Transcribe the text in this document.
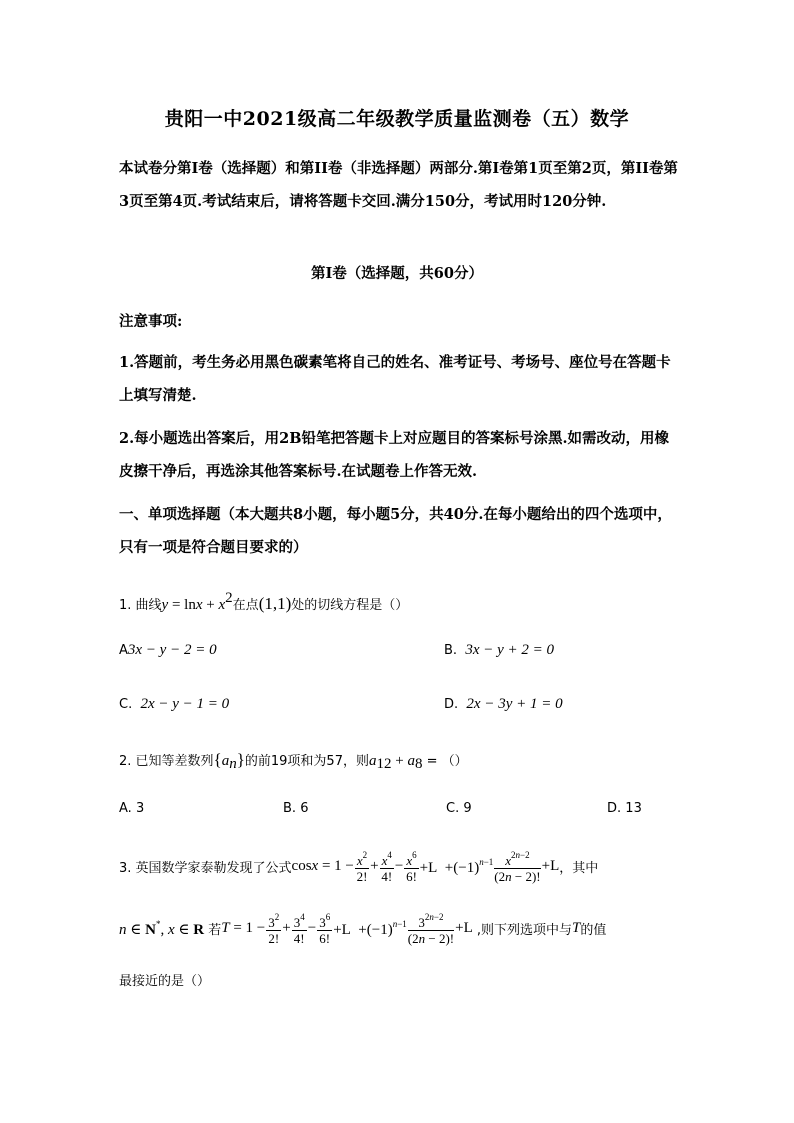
贵阳一中2021级高二年级教学质量监测卷（五）数学
本试卷分第I卷（选择题）和第II卷（非选择题）两部分.第I卷第1页至第2页，第II卷第3页至第4页.考试结束后，请将答题卡交回.满分150分，考试用时120分钟.
第I卷（选择题，共60分）
注意事项:
1.答题前，考生务必用黑色碳素笔将自己的姓名、准考证号、考场号、座位号在答题卡上填写清楚.
2.每小题选出答案后，用2B铅笔把答题卡上对应题目的答案标号涂黑.如需改动，用橡皮擦干净后，再选涂其他答案标号.在试题卷上作答无效.
一、单项选择题（本大题共8小题，每小题5分，共40分.在每小题给出的四个选项中，只有一项是符合题目要求的）
1. 曲线$y = \ln x + x^2$在点(1,1)处的切线方程是（）
A3x − y − 2 = 0	B. 3x − y + 2 = 0
C. 2x − y − 1 = 0	D. 2x − 3y + 1 = 0
2. 已知等差数列$\{a_n\}$的前19项和为57，则$a_{12} + a_8$ = （）
A. 3	B. 6	C. 9	D. 13
3. 英国数学家泰勒发现了公式$\cos x = 1 - \frac{x^2}{2!} + \frac{x^4}{4!} - \frac{x^6}{6!} +L +(-1)^{n-1} \frac{x^{2n-2}}{(2n - 2)!} +L$，其中
n ∈ N*, x ∈ R 若$T = 1 - \frac{3^2}{2!} + \frac{3^4}{4!} - \frac{3^6}{6!} +L +(-1)^{n-1} \frac{3^{2n-2}}{(2n - 2)!} +L$ ,则下列选项中与T的值
最接近的是（）
